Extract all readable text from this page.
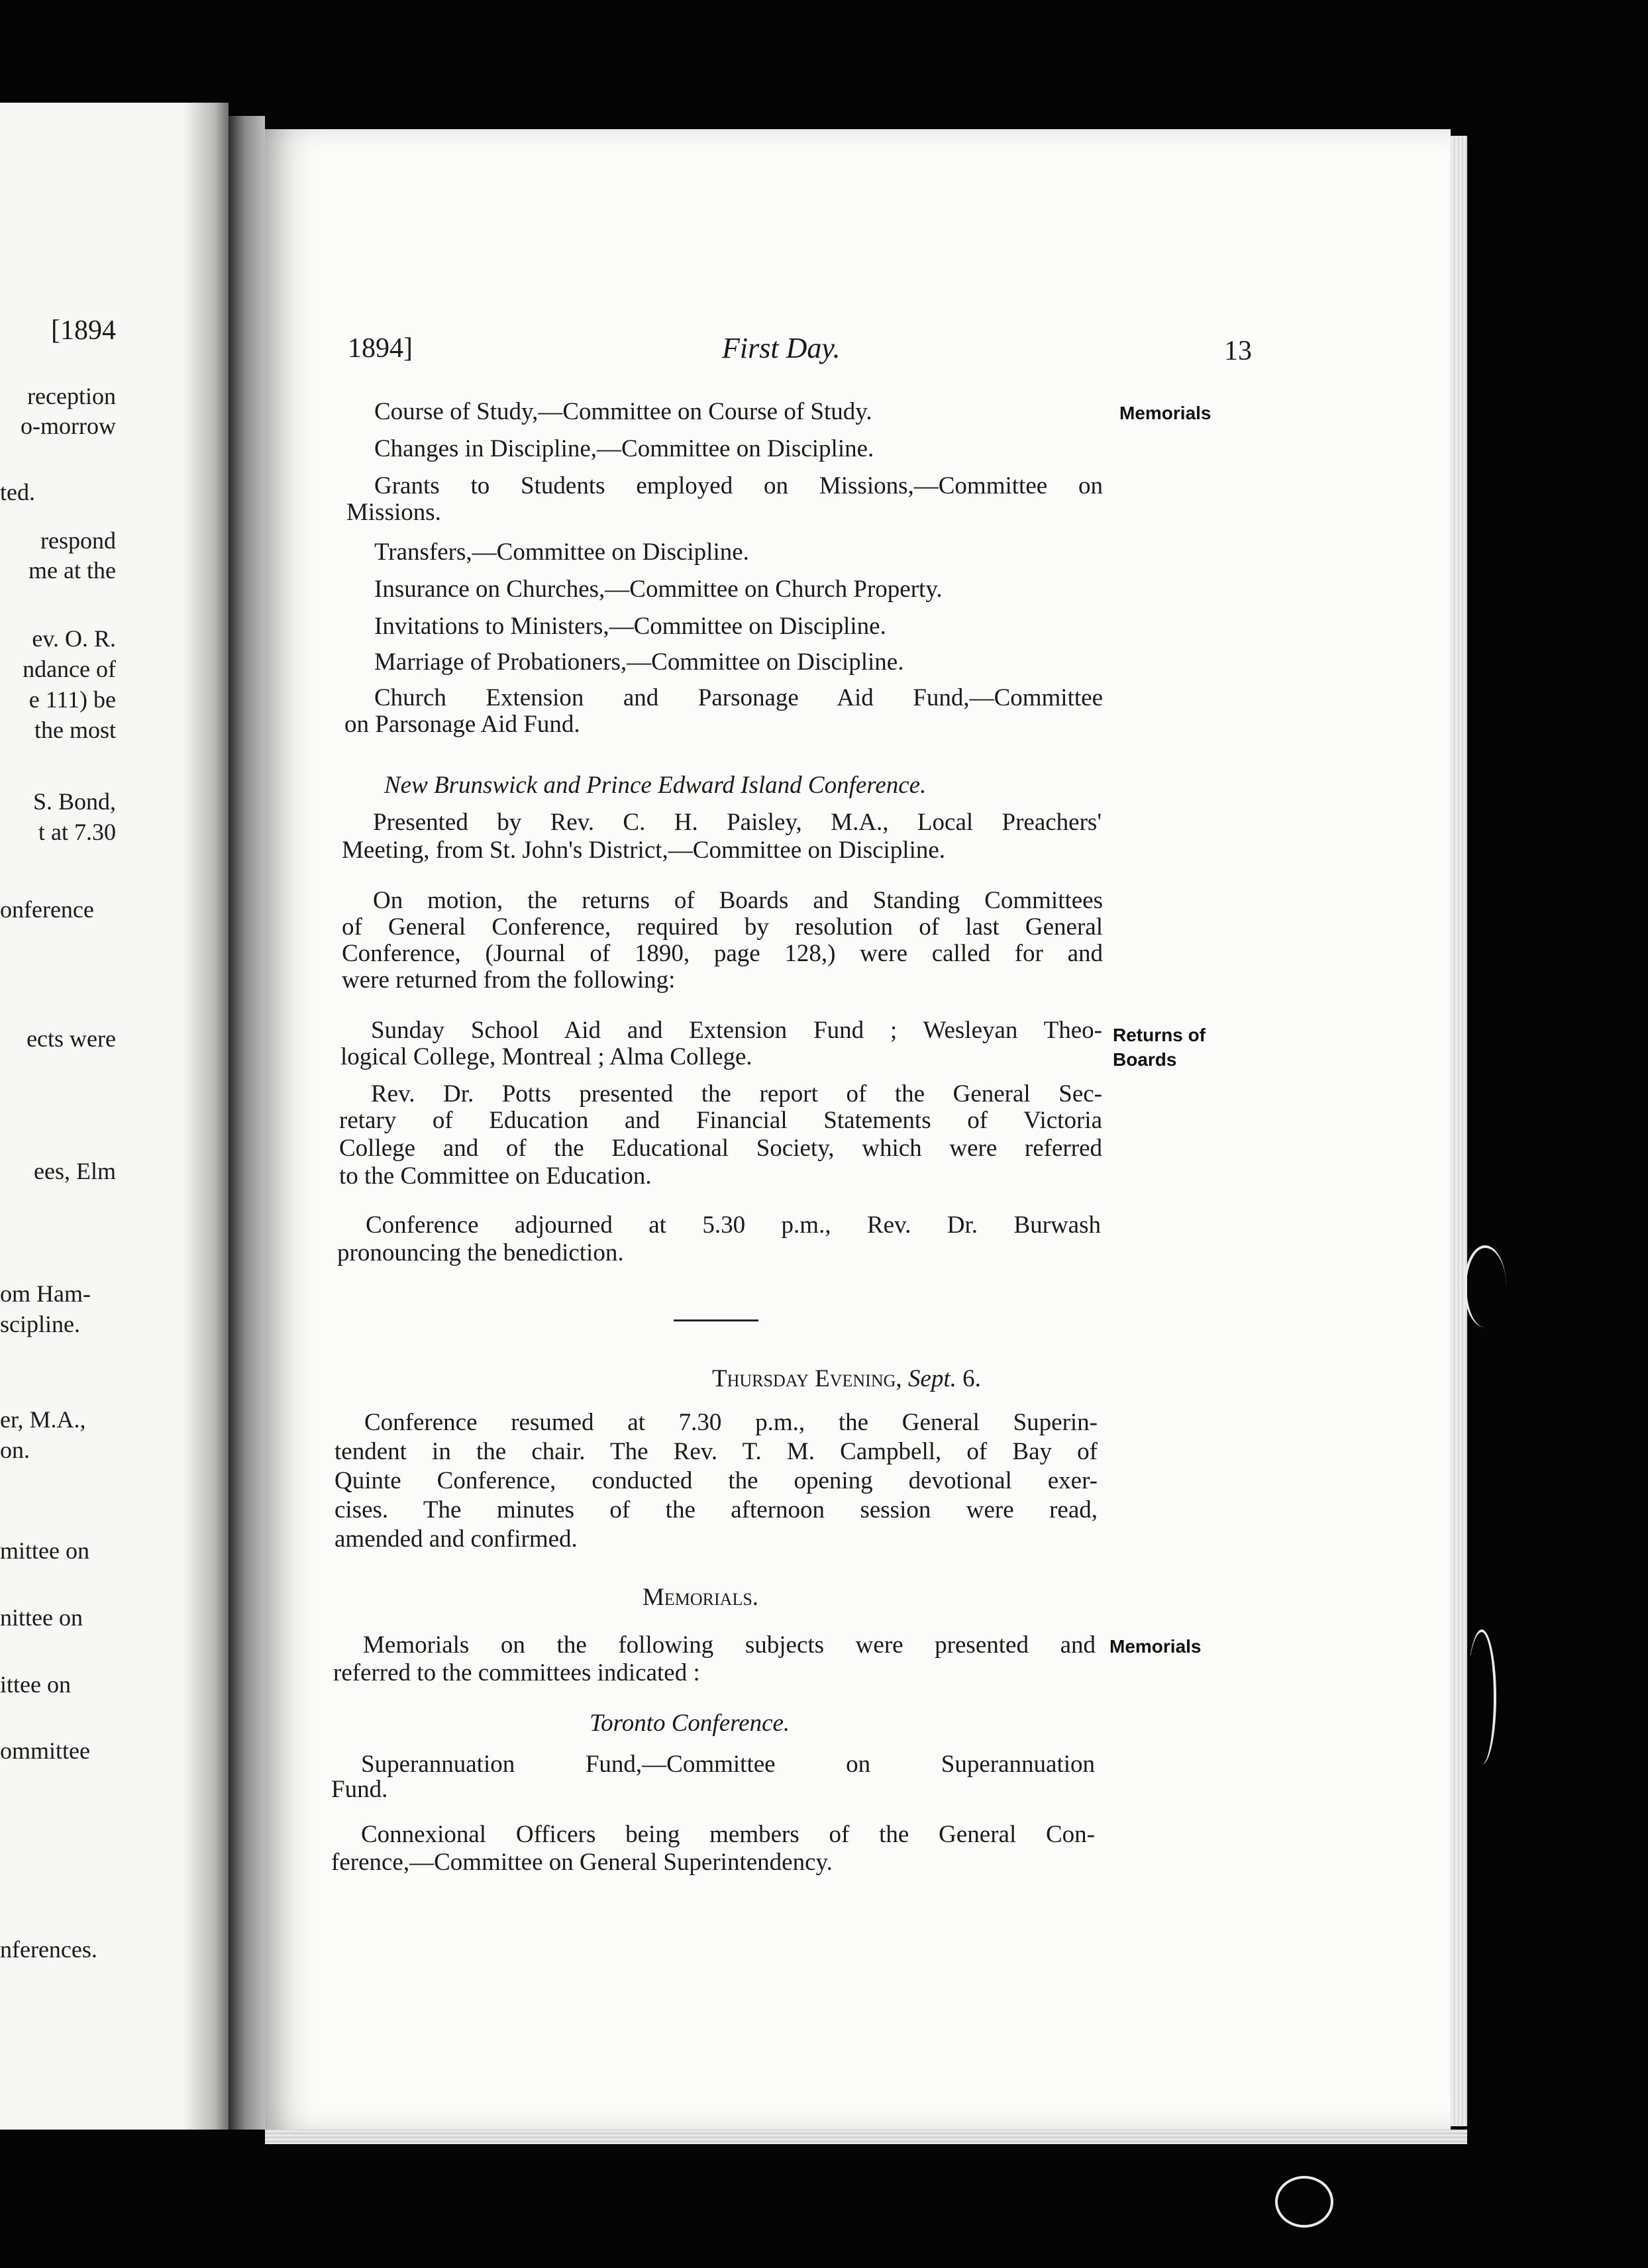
[1894
reception
o-morrow
ted.
respond
me at the
ev. O. R.
ndance of
e 111) be
the most
S. Bond,
t at 7.30
onference
ects were
ees, Elm
om Ham-
scipline.
er, M.A.,
on.
mittee on
nittee on
ittee on
ommittee
nferences.
1894]	First Day.	13
Memorials
Returns of
Boards
Memorials
Course of Study,—Committee on Course of Study.
Changes in Discipline,—Committee on Discipline.
Grants to Students employed on Missions,—Committee on
Missions.
Transfers,—Committee on Discipline.
Insurance on Churches,—Committee on Church Property.
Invitations to Ministers,—Committee on Discipline.
Marriage of Probationers,—Committee on Discipline.
Church Extension and Parsonage Aid Fund,—Committee
on Parsonage Aid Fund.
New Brunswick and Prince Edward Island Conference.
Presented by Rev. C. H. Paisley, M.A., Local Preachers'
Meeting, from St. John's District,—Committee on Discipline.
On motion, the returns of Boards and Standing Committees
of General Conference, required by resolution of last General
Conference, (Journal of 1890, page 128,) were called for and
were returned from the following:
Sunday School Aid and Extension Fund ; Wesleyan Theo-
logical College, Montreal ; Alma College.
Rev. Dr. Potts presented the report of the General Sec-
retary of Education and Financial Statements of Victoria
College and of the Educational Society, which were referred
to the Committee on Education.
Conference adjourned at 5.30 p.m., Rev. Dr. Burwash
pronouncing the benediction.
Thursday Evening, Sept. 6.
Conference resumed at 7.30 p.m., the General Superin-
tendent in the chair. The Rev. T. M. Campbell, of Bay of
Quinte Conference, conducted the opening devotional exer-
cises. The minutes of the afternoon session were read,
amended and confirmed.
Memorials.
Memorials on the following subjects were presented and
referred to the committees indicated :
Toronto Conference.
Superannuation Fund,—Committee on Superannuation
Fund.
Connexional Officers being members of the General Con-
ference,—Committee on General Superintendency.
